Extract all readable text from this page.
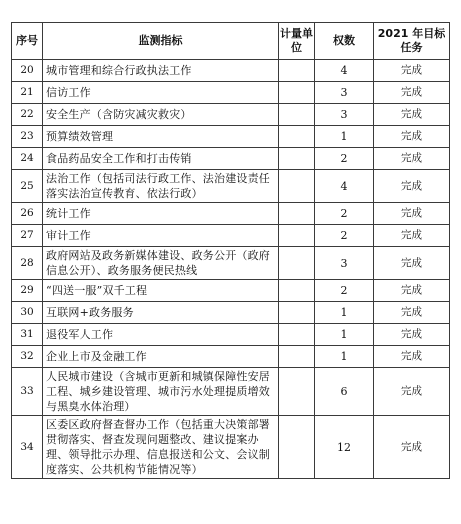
序号	监测指标	计量单位	权数	2021 年目标任务
20	城市管理和综合行政执法工作		4	完成
21	信访工作		3	完成
22	安全生产（含防灾减灾救灾）		3	完成
23	预算绩效管理		1	完成
24	食品药品安全工作和打击传销		2	完成
25	法治工作（包括司法行政工作、法治建设责任落实法治宣传教育、依法行政）		4	完成
26	统计工作		2	完成
27	审计工作		2	完成
28	政府网站及政务新媒体建设、政务公开（政府信息公开）、政务服务便民热线		3	完成
29	“四送一服”双千工程		2	完成
30	互联网+政务服务		1	完成
31	退役军人工作		1	完成
32	企业上市及金融工作		1	完成
33	人民城市建设（含城市更新和城镇保障性安居工程、城乡建设管理、城市污水处理提质增效与黑臭水体治理）		6	完成
34	区委区政府督查督办工作（包括重大决策部署贯彻落实、督查发现问题整改、建议提案办理、领导批示办理、信息报送和公文、会议制度落实、公共机构节能情况等）		12	完成
